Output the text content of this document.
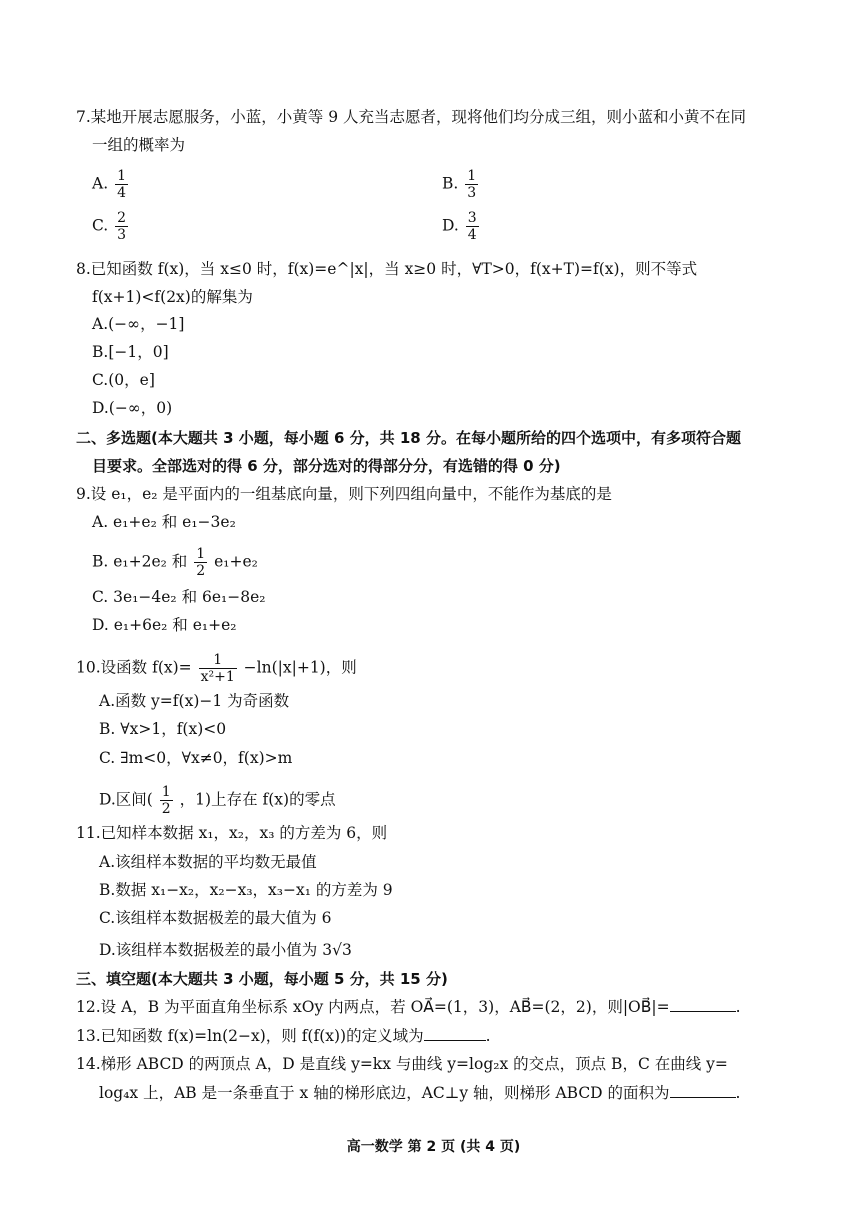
7.某地开展志愿服务，小蓝，小黄等 9 人充当志愿者，现将他们均分成三组，则小蓝和小黄不在同
一组的概率为
A. $\frac{1}{4}$	B. $\frac{1}{3}$
C. $\frac{2}{3}$	D. $\frac{3}{4}$
8.已知函数 f(x)，当 x≤0 时，f(x)=e^|x|，当 x≥0 时，∀T>0，f(x+T)=f(x)，则不等式
f(x+1)<f(2x)的解集为
A.(−∞，−1]
B.[−1，0]
C.(0，e]
D.(−∞，0)
二、多选题(本大题共 3 小题，每小题 6 分，共 18 分。在每小题所给的四个选项中，有多项符合题
目要求。全部选对的得 6 分，部分选对的得部分分，有选错的得 0 分)
9.设 e₁，e₂ 是平面内的一组基底向量，则下列四组向量中，不能作为基底的是
A. e₁+e₂ 和 e₁−3e₂
B. e₁+2e₂ 和 $\frac{1}{2} e_1+e_2$
C. 3e₁−4e₂ 和 6e₁−8e₂
D. e₁+6e₂ 和 e₁+e₂
10.设函数 $f(x)= \frac{1}{\text{x²+1}} -\ln(|x|+1)$，则
A.函数 y=f(x)−1 为奇函数
B. ∀x>1，f(x)<0
C. ∃m<0，∀x≠0，f(x)>m
D.区间( $\frac{1}{2}$ ，1)上存在 f(x)的零点
11.已知样本数据 x₁，x₂，x₃ 的方差为 6，则
A.该组样本数据的平均数无最值
B.数据 x₁−x₂，x₂−x₃，x₃−x₁ 的方差为 9
C.该组样本数据极差的最大值为 6
D.该组样本数据极差的最小值为 3√3
三、填空题(本大题共 3 小题，每小题 5 分，共 15 分)
12.设 A，B 为平面直角坐标系 xOy 内两点，若 OA⃗=(1，3)，AB⃗=(2，2)，则|OB⃗|=	.
13.已知函数 f(x)=ln(2−x)，则 f(f(x))的定义域为	.
14.梯形 ABCD 的两顶点 A，D 是直线 y=kx 与曲线 y=log₂x 的交点，顶点 B，C 在曲线 y=
log₄x 上，AB 是一条垂直于 x 轴的梯形底边，AC⊥y 轴，则梯形 ABCD 的面积为	.
高一数学 第 2 页 (共 4 页)
